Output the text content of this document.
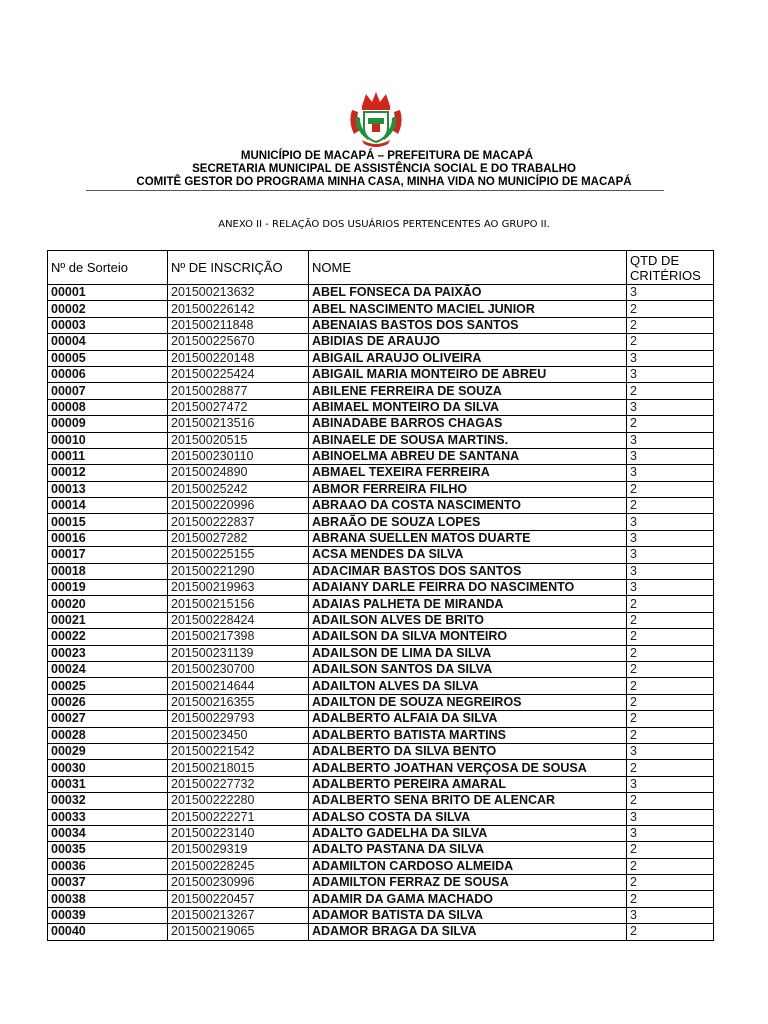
MUNICÍPIO DE MACAPÁ – PREFEITURA DE MACAPÁ
SECRETARIA MUNICIPAL DE ASSISTÊNCIA SOCIAL E DO TRABALHO
COMITÊ GESTOR DO PROGRAMA MINHA CASA, MINHA VIDA NO MUNICÍPIO DE MACAPÁ
ANEXO II - RELAÇÃO DOS USUÁRIOS PERTENCENTES AO GRUPO II.
Nº de Sorteio	Nº DE INSCRIÇÃO	NOME	QTD DE CRITÉRIOS
00001	201500213632	ABEL FONSECA DA PAIXÃO	3
00002	201500226142	ABEL NASCIMENTO MACIEL JUNIOR	2
00003	201500211848	ABENAIAS BASTOS DOS SANTOS	2
00004	201500225670	ABIDIAS DE ARAUJO	2
00005	201500220148	ABIGAIL ARAUJO OLIVEIRA	3
00006	201500225424	ABIGAIL MARIA MONTEIRO DE ABREU	3
00007	20150028877	ABILENE FERREIRA DE SOUZA	2
00008	20150027472	ABIMAEL MONTEIRO DA SILVA	3
00009	201500213516	ABINADABE BARROS CHAGAS	2
00010	20150020515	ABINAELE DE SOUSA MARTINS.	3
00011	201500230110	ABINOELMA ABREU DE SANTANA	3
00012	20150024890	ABMAEL TEXEIRA FERREIRA	3
00013	20150025242	ABMOR FERREIRA FILHO	2
00014	201500220996	ABRAAO DA COSTA NASCIMENTO	2
00015	201500222837	ABRAÃO DE SOUZA LOPES	3
00016	20150027282	ABRANA SUELLEN MATOS DUARTE	3
00017	201500225155	ACSA MENDES DA SILVA	3
00018	201500221290	ADACIMAR BASTOS DOS SANTOS	3
00019	201500219963	ADAIANY DARLE FEIRRA DO NASCIMENTO	3
00020	201500215156	ADAIAS PALHETA DE MIRANDA	2
00021	201500228424	ADAILSON ALVES DE BRITO	2
00022	201500217398	ADAILSON DA SILVA MONTEIRO	2
00023	201500231139	ADAILSON DE LIMA DA SILVA	2
00024	201500230700	ADAILSON SANTOS DA SILVA	2
00025	201500214644	ADAILTON ALVES DA SILVA	2
00026	201500216355	ADAILTON DE SOUZA NEGREIROS	2
00027	201500229793	ADALBERTO ALFAIA DA SILVA	2
00028	20150023450	ADALBERTO BATISTA MARTINS	2
00029	201500221542	ADALBERTO DA SILVA BENTO	3
00030	201500218015	ADALBERTO JOATHAN VERÇOSA DE SOUSA	2
00031	201500227732	ADALBERTO PEREIRA AMARAL	3
00032	201500222280	ADALBERTO SENA BRITO DE ALENCAR	2
00033	201500222271	ADALSO COSTA DA SILVA	3
00034	201500223140	ADALTO GADELHA DA SILVA	3
00035	20150029319	ADALTO PASTANA DA SILVA	2
00036	201500228245	ADAMILTON CARDOSO ALMEIDA	2
00037	201500230996	ADAMILTON FERRAZ DE SOUSA	2
00038	201500220457	ADAMIR DA GAMA MACHADO	2
00039	201500213267	ADAMOR BATISTA DA SILVA	3
00040	201500219065	ADAMOR BRAGA DA SILVA	2
